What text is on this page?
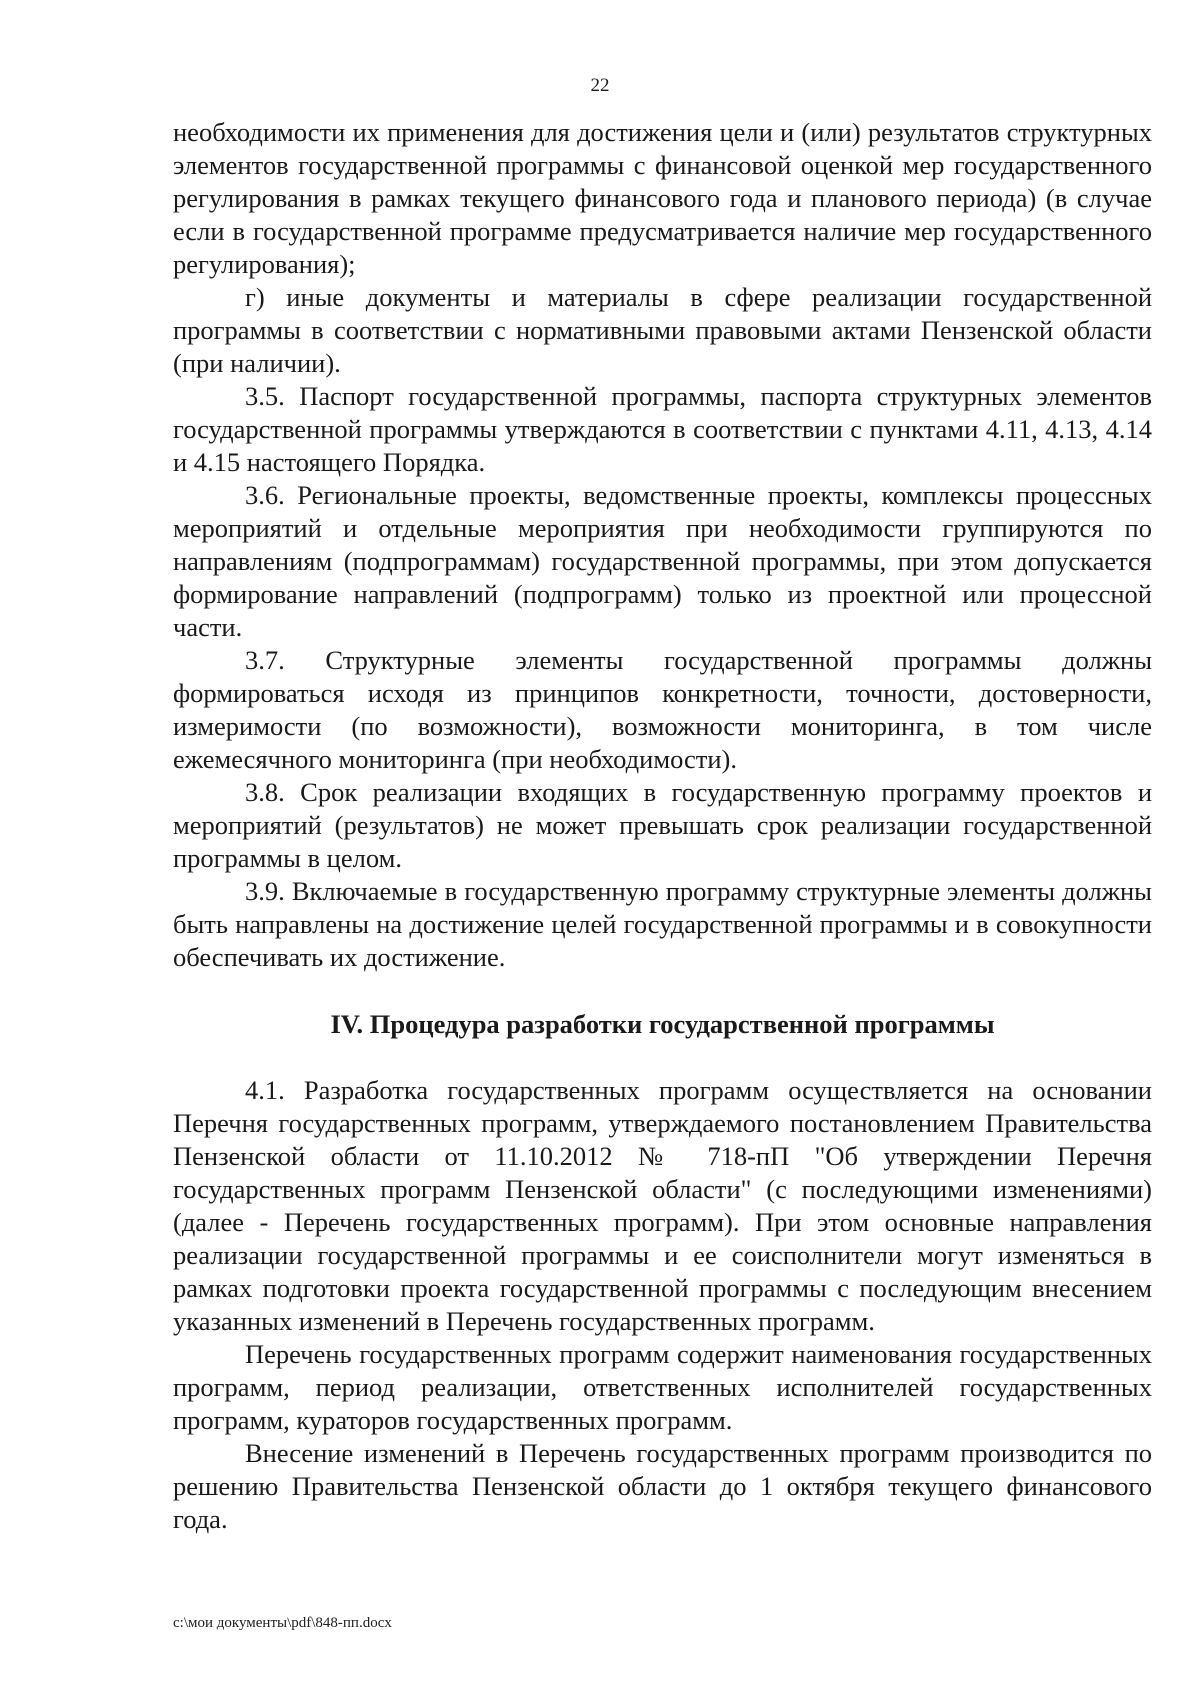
22

необходимости их применения для достижения цели и (или) результатов структурных элементов государственной программы с финансовой оценкой мер государственного регулирования в рамках текущего финансового года и планового периода) (в случае если в государственной программе предусматривается наличие мер государственного регулирования);

г) иные документы и материалы в сфере реализации государственной программы в соответствии с нормативными правовыми актами Пензенской области (при наличии).

3.5. Паспорт государственной программы, паспорта структурных элементов государственной программы утверждаются в соответствии с пунктами 4.11, 4.13, 4.14 и 4.15 настоящего Порядка.

3.6. Региональные проекты, ведомственные проекты, комплексы процессных мероприятий и отдельные мероприятия при необходимости группируются по направлениям (подпрограммам) государственной программы, при этом допускается формирование направлений (подпрограмм) только из проектной или процессной части.

3.7. Структурные элементы государственной программы должны формироваться исходя из принципов конкретности, точности, достоверности, измеримости (по возможности), возможности мониторинга, в том числе ежемесячного мониторинга (при необходимости).

3.8. Срок реализации входящих в государственную программу проектов и мероприятий (результатов) не может превышать срок реализации государственной программы в целом.

3.9. Включаемые в государственную программу структурные элементы должны быть направлены на достижение целей государственной программы и в совокупности обеспечивать их достижение.

IV. Процедура разработки государственной программы

4.1. Разработка государственных программ осуществляется на основании Перечня государственных программ, утверждаемого постановлением Правительства Пензенской области от 11.10.2012 № 718-пП "Об утверждении Перечня государственных программ Пензенской области" (с последующими изменениями) (далее - Перечень государственных программ). При этом основные направления реализации государственной программы и ее соисполнители могут изменяться в рамках подготовки проекта государственной программы с последующим внесением указанных изменений в Перечень государственных программ.

Перечень государственных программ содержит наименования государственных программ, период реализации, ответственных исполнителей государственных программ, кураторов государственных программ.

Внесение изменений в Перечень государственных программ производится по решению Правительства Пензенской области до 1 октября текущего финансового года.

c:\мои документы\pdf\848-пп.docx
